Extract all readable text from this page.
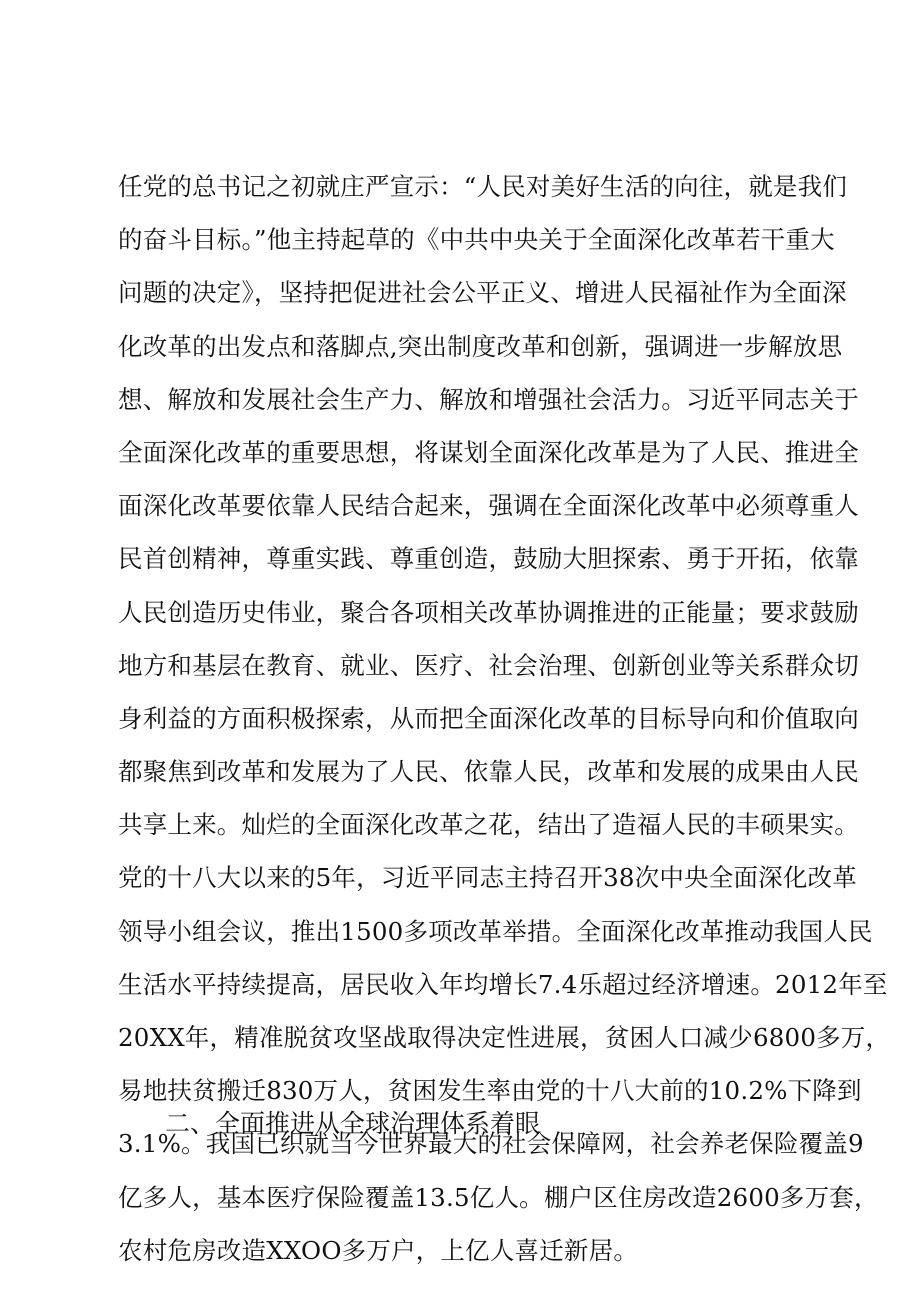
任党的总书记之初就庄严宣示：“人民对美好生活的向往，就是我们
的奋斗目标。”他主持起草的《中共中央关于全面深化改革若干重大
问题的决定》，坚持把促进社会公平正义、增进人民福祉作为全面深
化改革的出发点和落脚点,突出制度改革和创新，强调进一步解放思
想、解放和发展社会生产力、解放和增强社会活力。习近平同志关于
全面深化改革的重要思想，将谋划全面深化改革是为了人民、推进全
面深化改革要依靠人民结合起来，强调在全面深化改革中必须尊重人
民首创精神，尊重实践、尊重创造，鼓励大胆探索、勇于开拓，依靠
人民创造历史伟业，聚合各项相关改革协调推进的正能量；要求鼓励
地方和基层在教育、就业、医疗、社会治理、创新创业等关系群众切
身利益的方面积极探索，从而把全面深化改革的目标导向和价值取向
都聚焦到改革和发展为了人民、依靠人民，改革和发展的成果由人民
共享上来。灿烂的全面深化改革之花，结出了造福人民的丰硕果实。
党的十八大以来的5年，习近平同志主持召开38次中央全面深化改革
领导小组会议，推出1500多项改革举措。全面深化改革推动我国人民
生活水平持续提高，居民收入年均增长7.4乐超过经济增速。2012年至
20XX年，精准脱贫攻坚战取得决定性进展，贫困人口减少6800多万，
易地扶贫搬迁830万人，贫困发生率由党的十八大前的10.2%下降到
3.1%。我国已织就当今世界最大的社会保障网，社会养老保险覆盖9
亿多人，基本医疗保险覆盖13.5亿人。棚户区住房改造2600多万套，
农村危房改造XXOO多万户，上亿人喜迁新居。
二、全面推进从全球治理体系着眼
